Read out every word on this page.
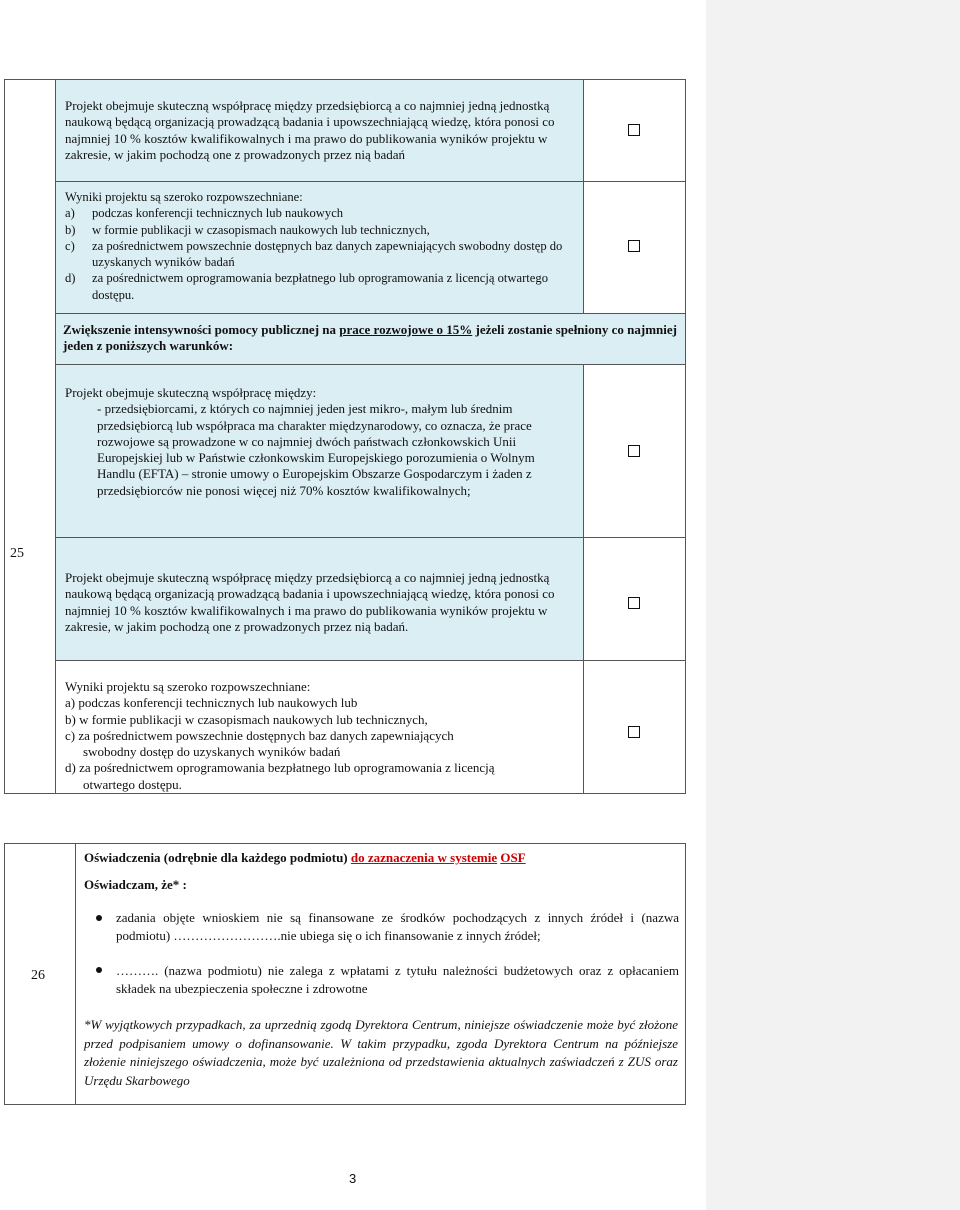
25
Projekt obejmuje skuteczną współpracę między przedsiębiorcą a co najmniej jedną jednostką naukową będącą organizacją prowadzącą badania i upowszechniającą wiedzę, która ponosi co najmniej 10 % kosztów kwalifikowalnych i ma prawo do publikowania wyników projektu w zakresie, w jakim pochodzą one z prowadzonych przez nią badań
Wyniki projektu są szeroko rozpowszechniane:
a) podczas konferencji technicznych lub naukowych
b) w formie publikacji w czasopismach naukowych lub technicznych,
c) za pośrednictwem powszechnie dostępnych baz danych zapewniających swobodny dostęp do uzyskanych wyników badań
d) za pośrednictwem oprogramowania bezpłatnego lub oprogramowania z licencją otwartego dostępu.
Zwiększenie intensywności pomocy publicznej na prace rozwojowe o 15% jeżeli zostanie spełniony co najmniej jeden z poniższych warunków:
Projekt obejmuje skuteczną współpracę między:
- przedsiębiorcami, z których co najmniej jeden jest mikro-, małym lub średnim przedsiębiorcą lub współpraca ma charakter międzynarodowy, co oznacza, że prace rozwojowe są prowadzone w co najmniej dwóch państwach członkowskich Unii Europejskiej lub w Państwie członkowskim Europejskiego porozumienia o Wolnym Handlu (EFTA) – stronie umowy o Europejskim Obszarze Gospodarczym i żaden z przedsiębiorców nie ponosi więcej niż 70% kosztów kwalifikowalnych;
Projekt obejmuje skuteczną współpracę między przedsiębiorcą a co najmniej jedną jednostką naukową będącą organizacją prowadzącą badania i upowszechniającą wiedzę, która ponosi co najmniej 10 % kosztów kwalifikowalnych i ma prawo do publikowania wyników projektu w zakresie, w jakim pochodzą one z prowadzonych przez nią badań.
Wyniki projektu są szeroko rozpowszechniane:
a) podczas konferencji technicznych lub naukowych lub
b) w formie publikacji w czasopismach naukowych lub technicznych,
c) za pośrednictwem powszechnie dostępnych baz danych zapewniających
swobodny dostęp do uzyskanych wyników badań
d) za pośrednictwem oprogramowania bezpłatnego lub oprogramowania z licencją
otwartego dostępu.
26
Oświadczenia (odrębnie dla każdego podmiotu) do zaznaczenia w systemie OSF
Oświadczam, że* :
zadania objęte wnioskiem nie są finansowane ze środków pochodzących z innych źródeł i (nazwa podmiotu) …………………….nie ubiega się o ich finansowanie z innych źródeł;
………. (nazwa podmiotu) nie zalega z wpłatami z tytułu należności budżetowych oraz z opłacaniem składek na ubezpieczenia społeczne i zdrowotne
*W wyjątkowych przypadkach, za uprzednią zgodą Dyrektora Centrum, niniejsze oświadczenie może być złożone przed podpisaniem umowy o dofinansowanie. W takim przypadku, zgoda Dyrektora Centrum na późniejsze złożenie niniejszego oświadczenia, może być uzależniona od przedstawienia aktualnych zaświadczeń z ZUS oraz Urzędu Skarbowego
3
